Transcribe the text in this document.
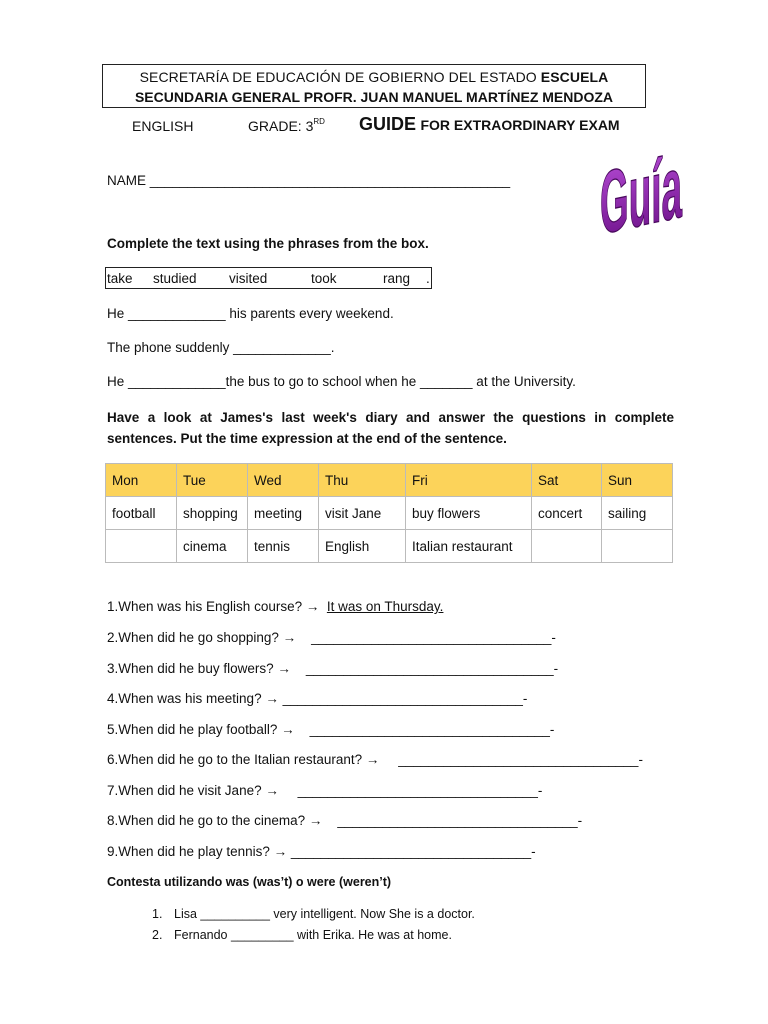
SECRETARÍA DE EDUCACIÓN DE GOBIERNO DEL ESTADO ESCUELA
SECUNDARIA GENERAL PROFR. JUAN MANUEL MARTÍNEZ MENDOZA
ENGLISH	GRADE: 3RD GUIDE FOR EXTRAORDINARY EXAM
Guía
NAME ________________________________________________
Complete the text using the phrases from the box.
take studied visited	took	rang .
He _____________ his parents every weekend.
The phone suddenly _____________.
He _____________the bus to go to school when he _______ at the University.
Have a look at James's last week's diary and answer the questions in complete sentences. Put the time expression at the end of the sentence.
Mon	Tue	Wed	Thu	Fri	Sat	Sun
football	shopping	meeting	visit Jane	buy flowers	concert	sailing
	cinema	tennis	English	Italian restaurant		
1.When was his English course? → It was on Thursday.
2.When did he go shopping? → ________________________________-
3.When did he buy flowers? → _________________________________-
4.When was his meeting? → ________________________________-
5.When did he play football? → ________________________________-
6.When did he go to the Italian restaurant? → ________________________________-
7.When did he visit Jane? → ________________________________-
8.When did he go to the cinema? → ________________________________-
9.When did he play tennis? → ________________________________-
Contesta utilizando was (was’t) o were (weren’t)
1. Lisa __________ very intelligent. Now She is a doctor.
2. Fernando _________ with Erika. He was at home.
